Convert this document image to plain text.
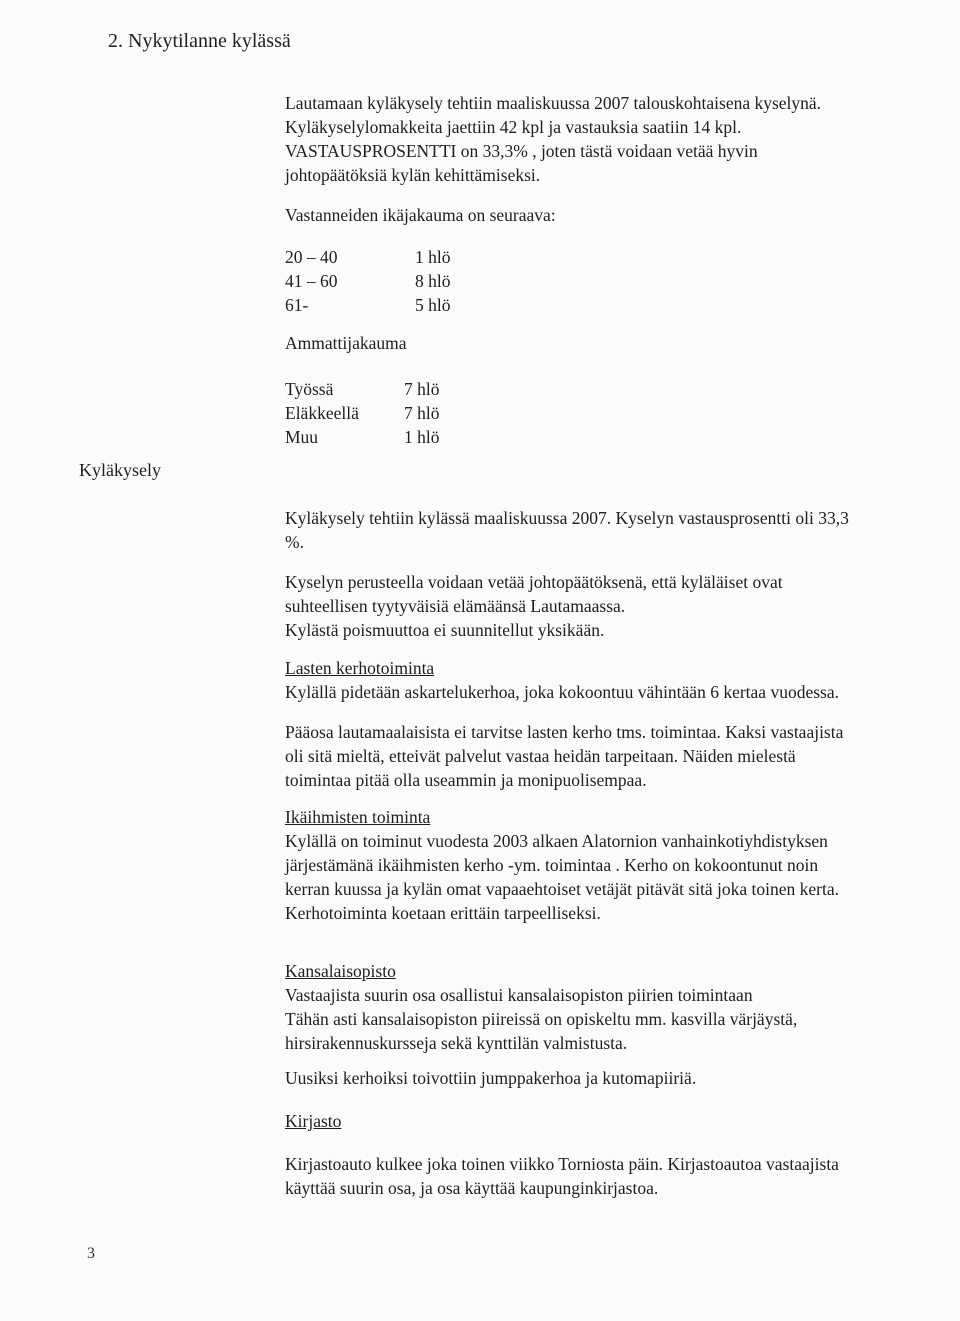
2. Nykytilanne kylässä
Lautamaan kyläkysely tehtiin maaliskuussa 2007 talouskohtaisena kyselynä.
Kyläkyselylomakkeita jaettiin 42 kpl ja vastauksia saatiin 14 kpl.
VASTAUSPROSENTTI on 33,3% , joten tästä voidaan vetää hyvin
johtopäätöksiä kylän kehittämiseksi.
Vastanneiden ikäjakauma on seuraava:
20 – 40	1 hlö
41 – 60	8 hlö
61-	5 hlö
Ammattijakauma
Työssä	7 hlö
Eläkkeellä	7 hlö
Muu	1 hlö
Kyläkysely
Kyläkysely tehtiin kylässä maaliskuussa 2007. Kyselyn vastausprosentti oli 33,3
%.
Kyselyn perusteella voidaan vetää johtopäätöksenä, että kyläläiset ovat
suhteellisen tyytyväisiä elämäänsä Lautamaassa.
Kylästä poismuuttoa ei suunnitellut yksikään.
Lasten kerhotoiminta
Kylällä pidetään askartelukerhoa, joka kokoontuu vähintään 6 kertaa vuodessa.
Pääosa lautamaalaisista ei tarvitse lasten kerho tms. toimintaa. Kaksi vastaajista
oli sitä mieltä, etteivät palvelut vastaa heidän tarpeitaan. Näiden mielestä
toimintaa pitää olla useammin ja monipuolisempaa.
Ikäihmisten toiminta
Kylällä on toiminut vuodesta 2003 alkaen Alatornion vanhainkotiyhdistyksen
järjestämänä ikäihmisten kerho -ym. toimintaa . Kerho on kokoontunut noin
kerran kuussa ja kylän omat vapaaehtoiset vetäjät pitävät sitä joka toinen kerta.
Kerhotoiminta koetaan erittäin tarpeelliseksi.
Kansalaisopisto
Vastaajista suurin osa osallistui kansalaisopiston piirien toimintaan
Tähän asti kansalaisopiston piireissä on opiskeltu mm. kasvilla värjäystä,
hirsirakennuskursseja sekä kynttilän valmistusta.
Uusiksi kerhoiksi toivottiin jumppakerhoa ja kutomapiiriä.
Kirjasto
Kirjastoauto kulkee joka toinen viikko Torniosta päin. Kirjastoautoa vastaajista
käyttää suurin osa, ja osa käyttää kaupunginkirjastoa.
3
